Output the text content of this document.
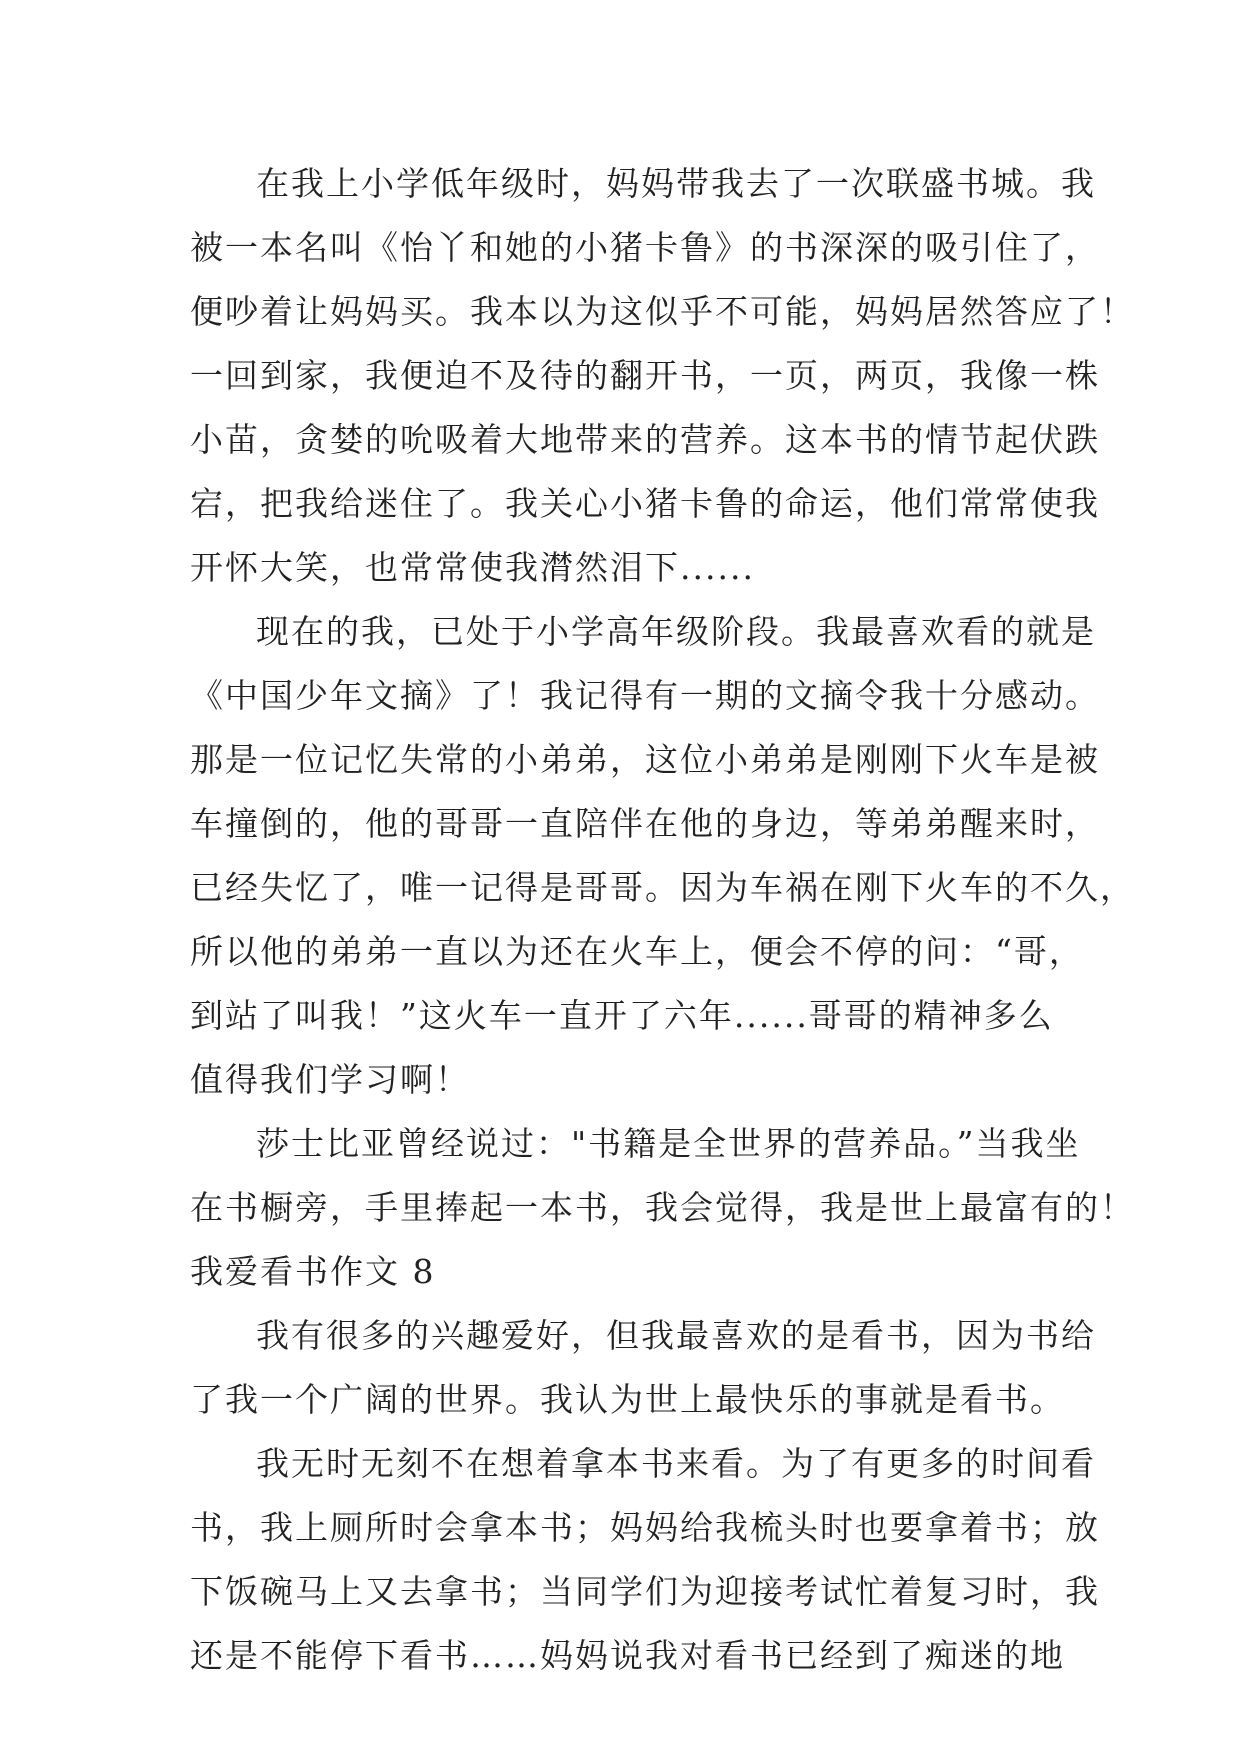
在我上小学低年级时，妈妈带我去了一次联盛书城。我
被一本名叫《怡丫和她的小猪卡鲁》的书深深的吸引住了，
便吵着让妈妈买。我本以为这似乎不可能，妈妈居然答应了！
一回到家，我便迫不及待的翻开书，一页，两页，我像一株
小苗，贪婪的吮吸着大地带来的营养。这本书的情节起伏跌
宕，把我给迷住了。我关心小猪卡鲁的命运，他们常常使我
开怀大笑，也常常使我潸然泪下......
现在的我，已处于小学高年级阶段。我最喜欢看的就是
《中国少年文摘》了！我记得有一期的文摘令我十分感动。
那是一位记忆失常的小弟弟，这位小弟弟是刚刚下火车是被
车撞倒的，他的哥哥一直陪伴在他的身边，等弟弟醒来时，
已经失忆了，唯一记得是哥哥。因为车祸在刚下火车的不久，
所以他的弟弟一直以为还在火车上，便会不停的问：“哥，
到站了叫我！”这火车一直开了六年......哥哥的精神多么
值得我们学习啊！
莎士比亚曾经说过："书籍是全世界的营养品。”当我坐
在书橱旁，手里捧起一本书，我会觉得，我是世上最富有的！
我爱看书作文 8
我有很多的兴趣爱好，但我最喜欢的是看书，因为书给
了我一个广阔的世界。我认为世上最快乐的事就是看书。
我无时无刻不在想着拿本书来看。为了有更多的时间看
书，我上厕所时会拿本书；妈妈给我梳头时也要拿着书；放
下饭碗马上又去拿书；当同学们为迎接考试忙着复习时，我
还是不能停下看书……妈妈说我对看书已经到了痴迷的地
